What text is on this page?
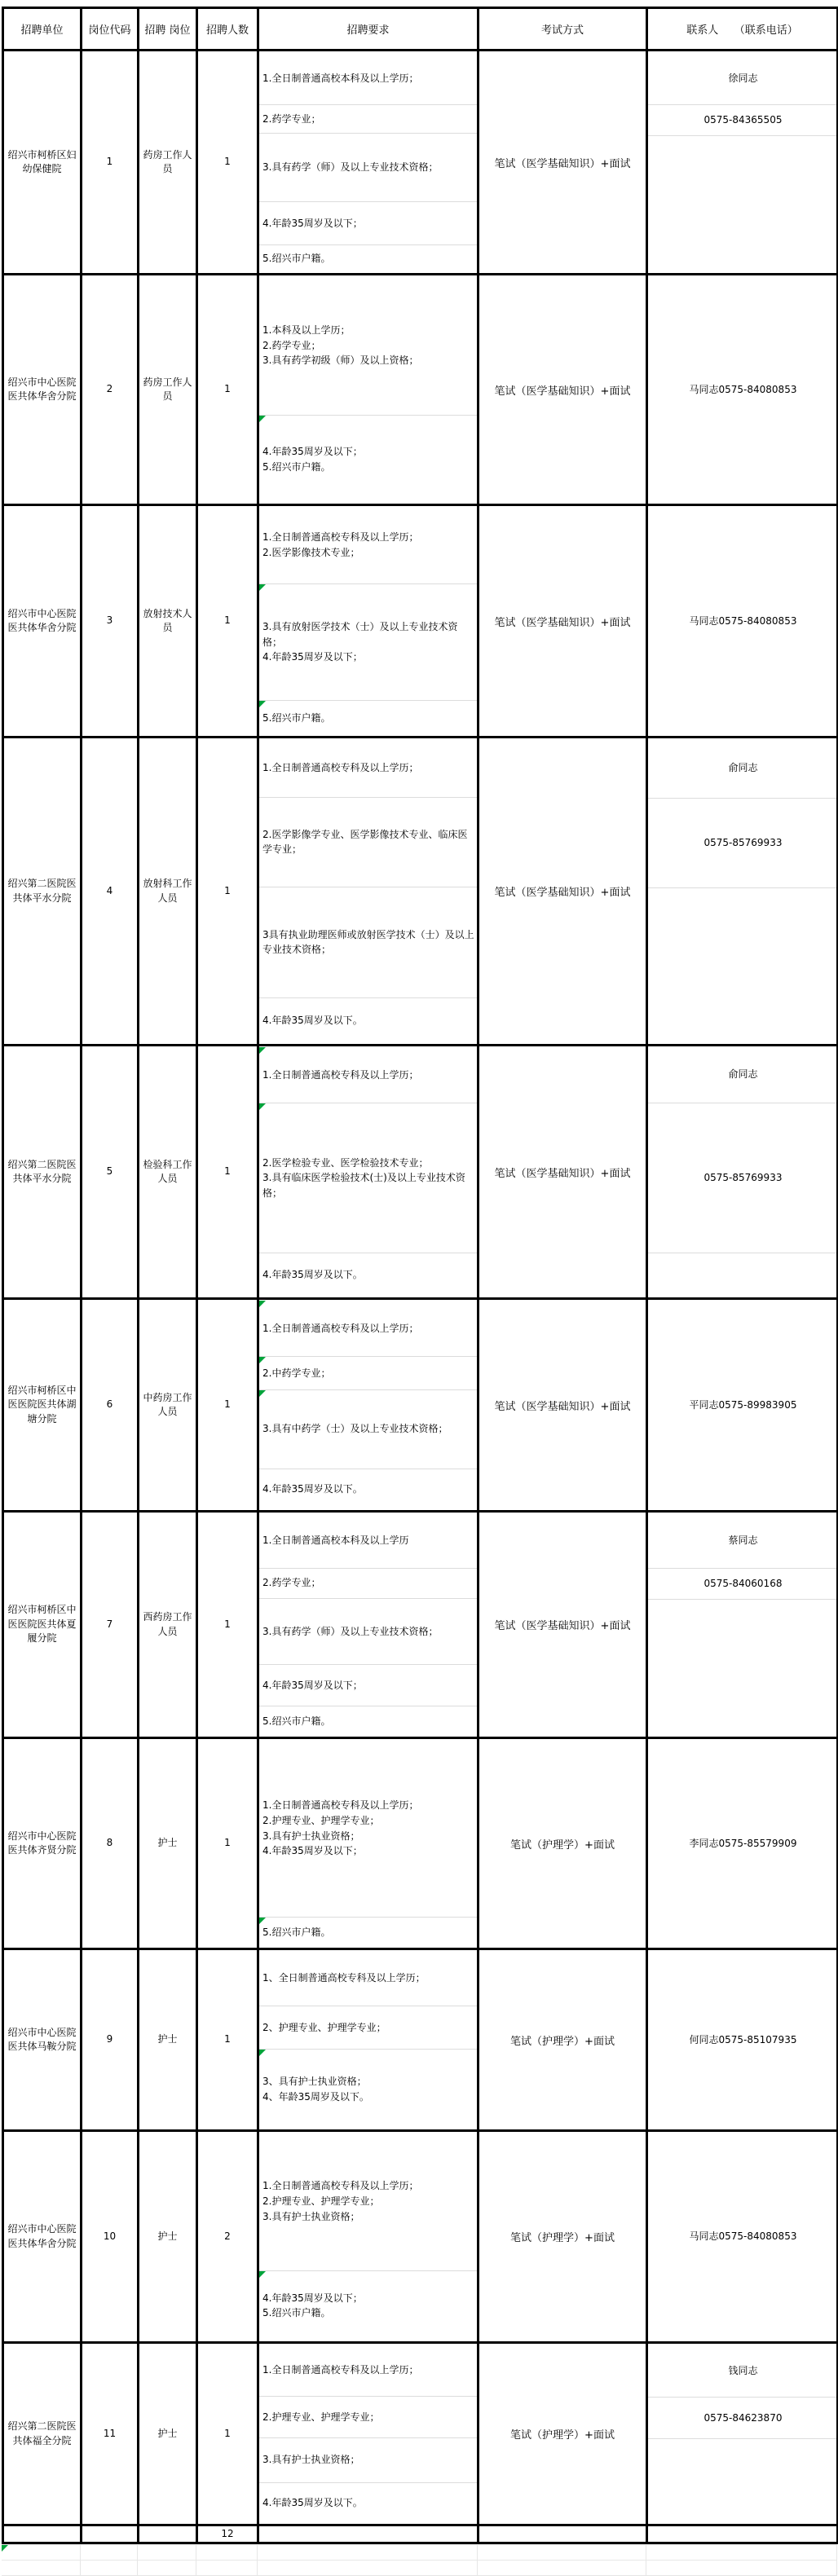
招聘单位	岗位代码	招聘 岗位	招聘人数	招聘要求	考试方式	联系人　　（联系电话）
绍兴市柯桥区妇幼保健院	1	药房工作人员	1	
1.全日制普通高校本科及以上学历；
2.药学专业；
3.具有药学（师）及以上专业技术资格；
4.年龄35周岁及以下；
5.绍兴市户籍。
	笔试（医学基础知识）+面试	
徐同志
0575-84365505

绍兴市中心医院医共体华舍分院	2	药房工作人员	1	1.本科及以上学历；
2.药学专业；
3.具有药学初级（师）及以上资格；
4.年龄35周岁及以下；
5.绍兴市户籍。	笔试（医学基础知识）+面试	马同志0575-84080853

绍兴市中心医院医共体华舍分院	3	放射技术人员	1	1.全日制普通高校专科及以上学历；
2.医学影像技术专业；
3.具有放射医学技术（士）及以上专业技术资格；
4.年龄35周岁及以下；
5.绍兴市户籍。	笔试（医学基础知识）+面试	马同志0575-84080853

绍兴第二医院医共体平水分院	4	放射科工作人员	1	
1.全日制普通高校专科及以上学历；
2.医学影像学专业、医学影像技术专业、临床医学专业；
3具有执业助理医师或放射医学技术（士）及以上专业技术资格；
4.年龄35周岁及以下。
	笔试（医学基础知识）+面试	
俞同志
0575-85769933

绍兴第二医院医共体平水分院	5	检验科工作人员	1	
1.全日制普通高校专科及以上学历；
2.医学检验专业、医学检验技术专业；
3.具有临床医学检验技术(士)及以上专业技术资格；
4.年龄35周岁及以下。
	笔试（医学基础知识）+面试	
俞同志
0575-85769933

绍兴市柯桥区中医医院医共体湖塘分院	6	中药房工作人员	1	1.全日制普通高校专科及以上学历；
2.中药学专业；
3.具有中药学（士）及以上专业技术资格；
4.年龄35周岁及以下。	笔试（医学基础知识）+面试	平同志0575-89983905

绍兴市柯桥区中医医院医共体夏履分院	7	西药房工作人员	1	
1.全日制普通高校本科及以上学历
2.药学专业；
3.具有药学（师）及以上专业技术资格；
4.年龄35周岁及以下；
5.绍兴市户籍。
	笔试（医学基础知识）+面试	
蔡同志
0575-84060168

绍兴市中心医院医共体齐贤分院	8	护士	1	1.全日制普通高校专科及以上学历；
2.护理专业、护理学专业；
3.具有护士执业资格；
4.年龄35周岁及以下；
5.绍兴市户籍。	笔试（护理学）+面试	李同志0575-85579909

绍兴市中心医院医共体马鞍分院	9	护士	1	1、全日制普通高校专科及以上学历；
2、护理专业、护理学专业；
3、具有护士执业资格；
4、年龄35周岁及以下。	笔试（护理学）+面试	何同志0575-85107935

绍兴市中心医院医共体华舍分院	10	护士	2	1.全日制普通高校专科及以上学历；
2.护理专业、护理学专业；
3.具有护士执业资格；
4.年龄35周岁及以下；
5.绍兴市户籍。	笔试（护理学）+面试	马同志0575-84080853

绍兴第二医院医共体福全分院	11	护士	1	
1.全日制普通高校专科及以上学历；
2.护理专业、护理学专业；
3.具有护士执业资格；
4.年龄35周岁及以下。
	笔试（护理学）+面试	
钱同志
0575-84623870

			12			
